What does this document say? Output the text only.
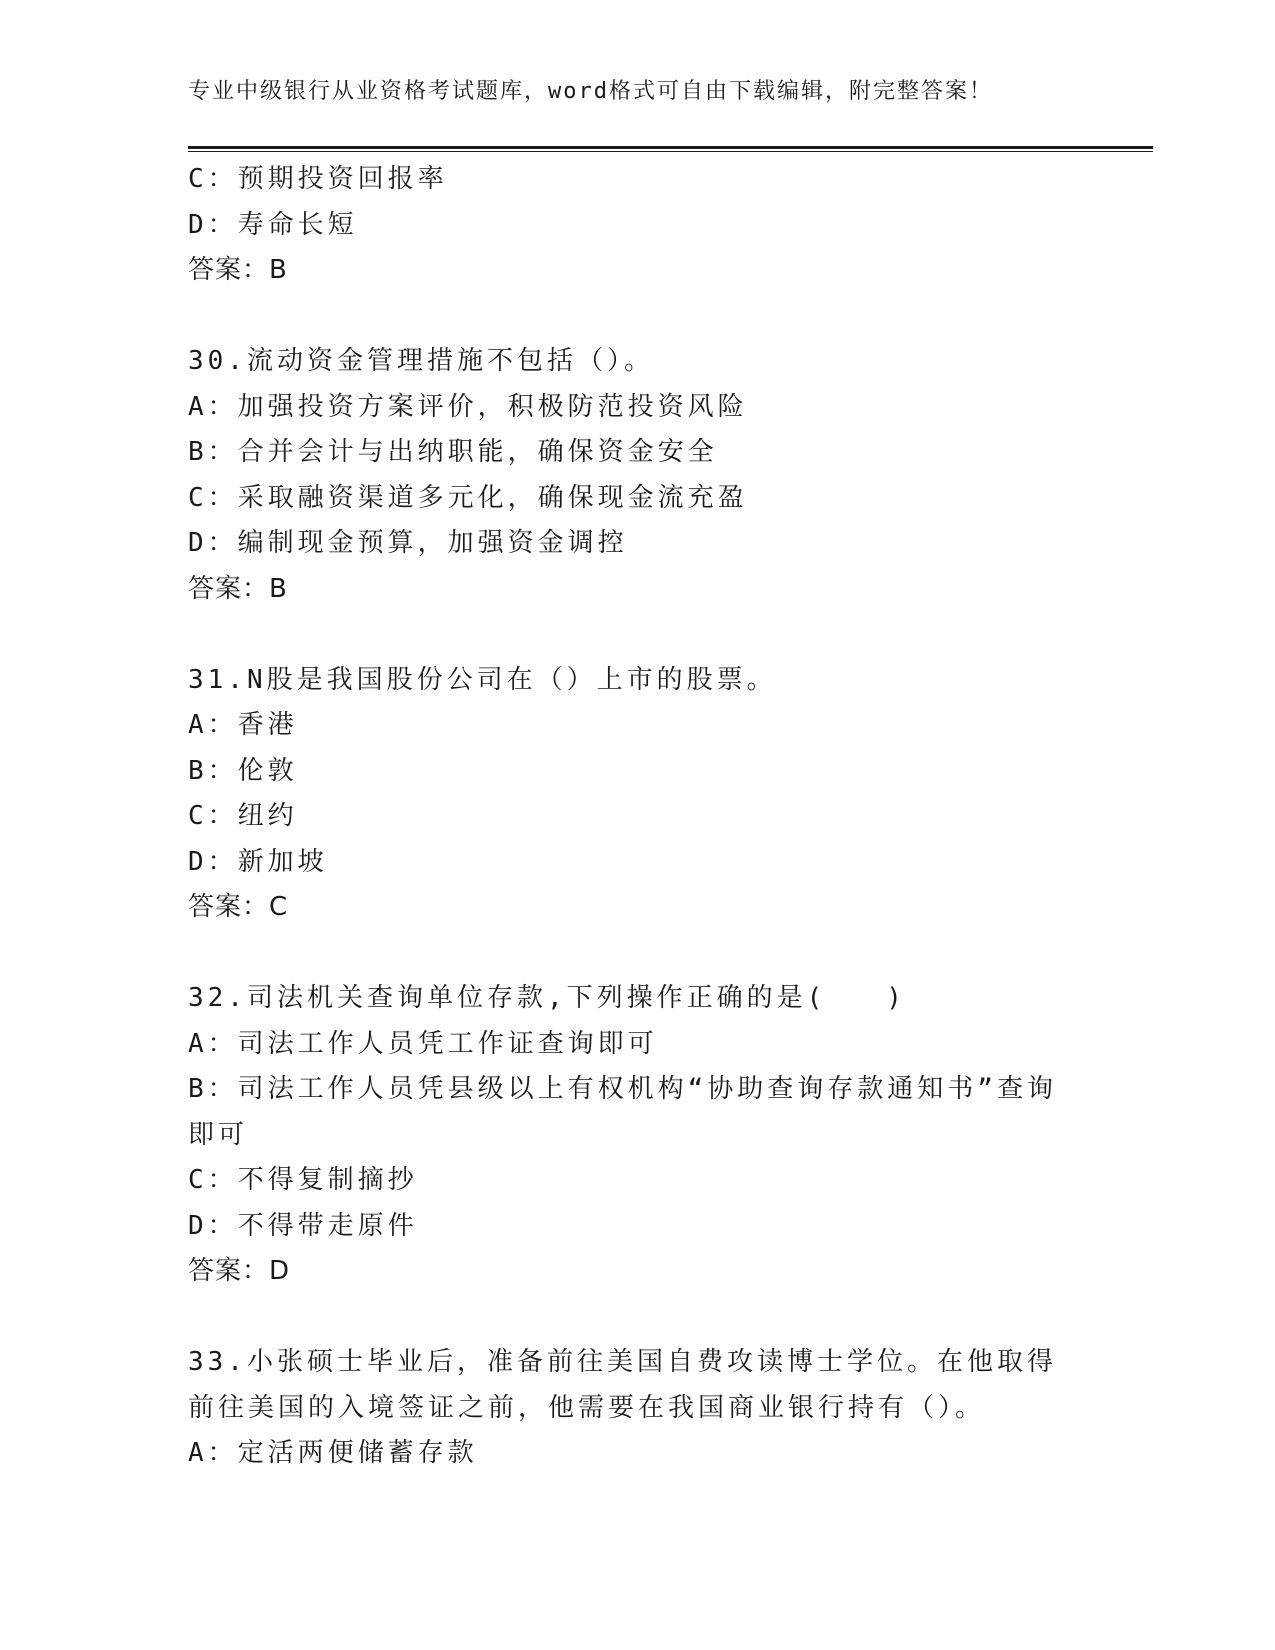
专业中级银行从业资格考试题库，word格式可自由下载编辑，附完整答案！
C：预期投资回报率
D：寿命长短
答案：B
30.流动资金管理措施不包括（）。
A：加强投资方案评价，积极防范投资风险
B：合并会计与出纳职能，确保资金安全
C：采取融资渠道多元化，确保现金流充盈
D：编制现金预算，加强资金调控
答案：B
31.N股是我国股份公司在（）上市的股票。
A：香港
B：伦敦
C：纽约
D：新加坡
答案：C
32.司法机关查询单位存款,下列操作正确的是(　　)
A：司法工作人员凭工作证查询即可
B：司法工作人员凭县级以上有权机构“协助查询存款通知书”查询即可
C：不得复制摘抄
D：不得带走原件
答案：D
33.小张硕士毕业后，准备前往美国自费攻读博士学位。在他取得前往美国的入境签证之前，他需要在我国商业银行持有（）。
A：定活两便储蓄存款
